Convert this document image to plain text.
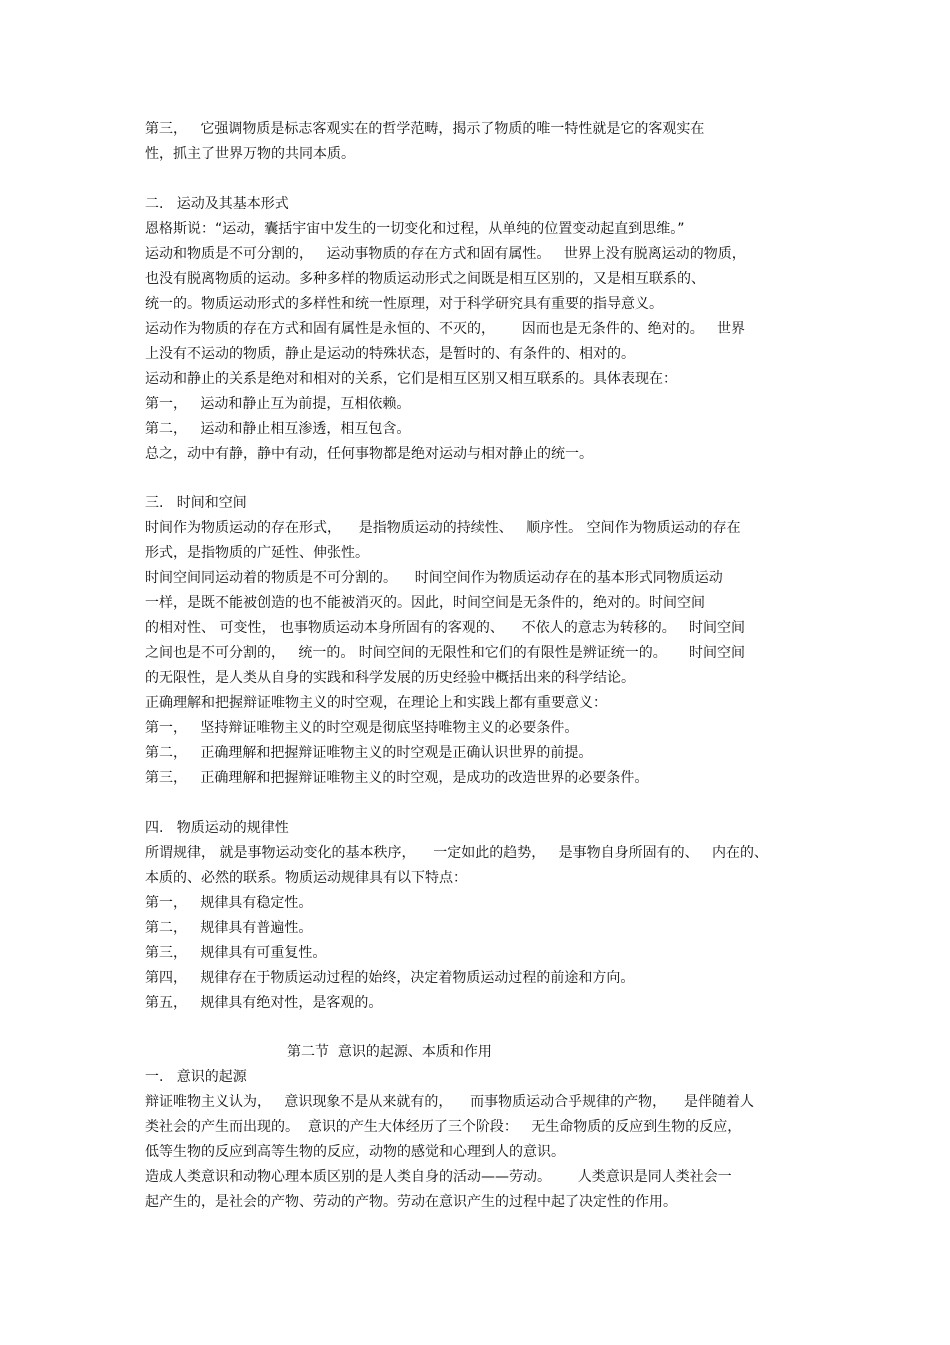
第三，   它强调物质是标志客观实在的哲学范畴，揭示了物质的唯一特性就是它的客观实在
性，抓主了世界万物的共同本质。
二.   运动及其基本形式
恩格斯说：“运动，囊括宇宙中发生的一切变化和过程，从单纯的位置变动起直到思维。”
运动和物质是不可分割的，   运动事物质的存在方式和固有属性。   世界上没有脱离运动的物质，
也没有脱离物质的运动。多种多样的物质运动形式之间既是相互区别的，又是相互联系的、
统一的。物质运动形式的多样性和统一性原理，对于科学研究具有重要的指导意义。
运动作为物质的存在方式和固有属性是永恒的、不灭的，      因而也是无条件的、绝对的。   世界
上没有不运动的物质，静止是运动的特殊状态，是暂时的、有条件的、相对的。
运动和静止的关系是绝对和相对的关系，它们是相互区别又相互联系的。具体表现在：
第一，   运动和静止互为前提，互相依赖。
第二，   运动和静止相互渗透，相互包含。
总之，动中有静，静中有动，任何事物都是绝对运动与相对静止的统一。
三.   时间和空间
时间作为物质运动的存在形式，    是指物质运动的持续性、   顺序性。 空间作为物质运动的存在
形式，是指物质的广延性、伸张性。
时间空间同运动着的物质是不可分割的。    时间空间作为物质运动存在的基本形式同物质运动
一样，是既不能被创造的也不能被消灭的。因此，时间空间是无条件的，绝对的。时间空间
的相对性、 可变性， 也事物质运动本身所固有的客观的、    不依人的意志为转移的。   时间空间
之间也是不可分割的，   统一的。 时间空间的无限性和它们的有限性是辨证统一的。     时间空间
的无限性，是人类从自身的实践和科学发展的历史经验中概括出来的科学结论。
正确理解和把握辩证唯物主义的时空观，在理论上和实践上都有重要意义：
第一，   坚持辩证唯物主义的时空观是彻底坚持唯物主义的必要条件。
第二，   正确理解和把握辩证唯物主义的时空观是正确认识世界的前提。
第三，   正确理解和把握辩证唯物主义的时空观，是成功的改造世界的必要条件。
四.   物质运动的规律性
所谓规律， 就是事物运动变化的基本秩序，    一定如此的趋势，   是事物自身所固有的、   内在的、
本质的、必然的联系。物质运动规律具有以下特点：
第一，   规律具有稳定性。
第二，   规律具有普遍性。
第三，   规律具有可重复性。
第四，   规律存在于物质运动过程的始终，决定着物质运动过程的前途和方向。
第五，   规律具有绝对性，是客观的。
第二节  意识的起源、本质和作用
一.   意识的起源
辩证唯物主义认为，   意识现象不是从来就有的，    而事物质运动合乎规律的产物，    是伴随着人
类社会的产生而出现的。  意识的产生大体经历了三个阶段：   无生命物质的反应到生物的反应，
低等生物的反应到高等生物的反应，动物的感觉和心理到人的意识。
造成人类意识和动物心理本质区别的是人类自身的活动——劳动。      人类意识是同人类社会一
起产生的，是社会的产物、劳动的产物。劳动在意识产生的过程中起了决定性的作用。
